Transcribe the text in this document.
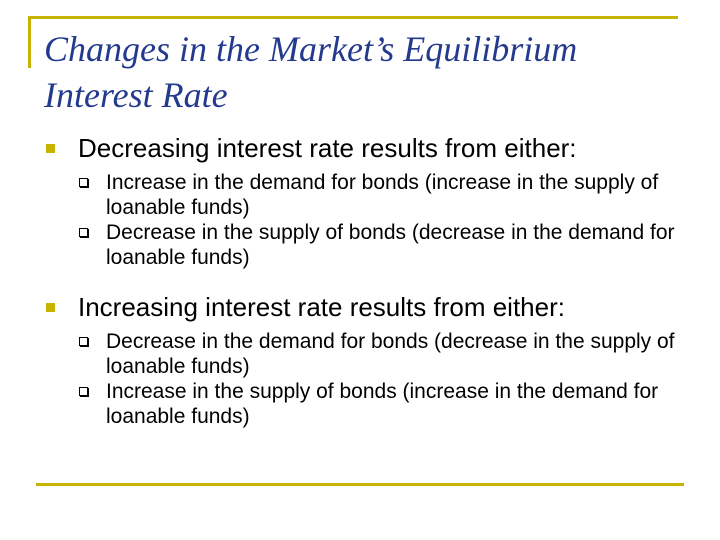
Changes in the Market’s Equilibrium Interest Rate
Decreasing interest rate results from either:
Increase in the demand for bonds (increase in the supply of loanable funds)
Decrease in the supply of bonds (decrease in the demand for loanable funds)
Increasing interest rate results from either:
Decrease in the demand for bonds (decrease in the supply of loanable funds)
Increase in the supply of bonds (increase in the demand for loanable funds)
